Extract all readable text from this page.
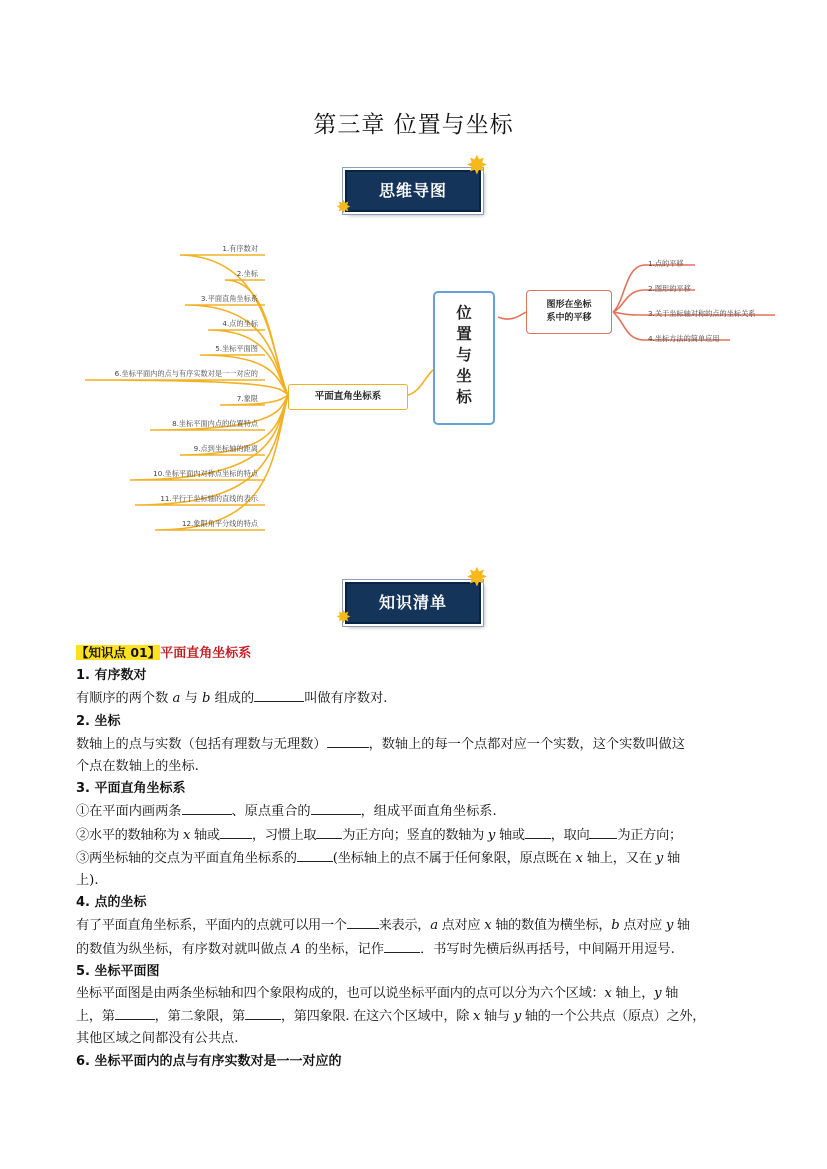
第三章 位置与坐标
思维导图
✸
✸
1.有序数对
2.坐标
3.平面直角坐标系
4.点的坐标
5.坐标平面图
6.坐标平面内的点与有序实数对是一一对应的
7.象限
8.坐标平面内点的位置特点
9.点到坐标轴的距离
10.坐标平面内对称点坐标的特点
11.平行于坐标轴的直线的表示
12.象限角平分线的特点
平面直角坐标系
位
置
与
坐
标
图形在坐标
系中的平移
1.点的平移
2.图形的平移
3.关于坐标轴对称的点的坐标关系
4.坐标方法的简单应用
知识清单
✸
✸
【知识点 01】平面直角坐标系
1. 有序数对
有顺序的两个数 a 与 b 组成的	叫做有序数对.
2. 坐标
数轴上的点与实数（包括有理数与无理数）	，数轴上的每一个点都对应一个实数，这个实数叫做这
个点在数轴上的坐标.
3. 平面直角坐标系
①在平面内画两条	、原点重合的	，组成平面直角坐标系.
②水平的数轴称为 x 轴或 ，习惯上取 为正方向；竖直的数轴为 y 轴或 ，取向 为正方向；
③两坐标轴的交点为平面直角坐标系的	(坐标轴上的点不属于任何象限，原点既在 x 轴上，又在 y 轴
上).
4. 点的坐标
有了平面直角坐标系，平面内的点就可以用一个 来表示，a 点对应 x 轴的数值为横坐标，b 点对应 y 轴
的数值为纵坐标，有序数对就叫做点 A 的坐标，记作	．书写时先横后纵再括号，中间隔开用逗号.
5. 坐标平面图
坐标平面图是由两条坐标轴和四个象限构成的，也可以说坐标平面内的点可以分为六个区域：x 轴上，y 轴
上，第	，第二象限，第	，第四象限. 在这六个区域中，除 x 轴与 y 轴的一个公共点（原点）之外，
其他区域之间都没有公共点.
6. 坐标平面内的点与有序实数对是一一对应的
